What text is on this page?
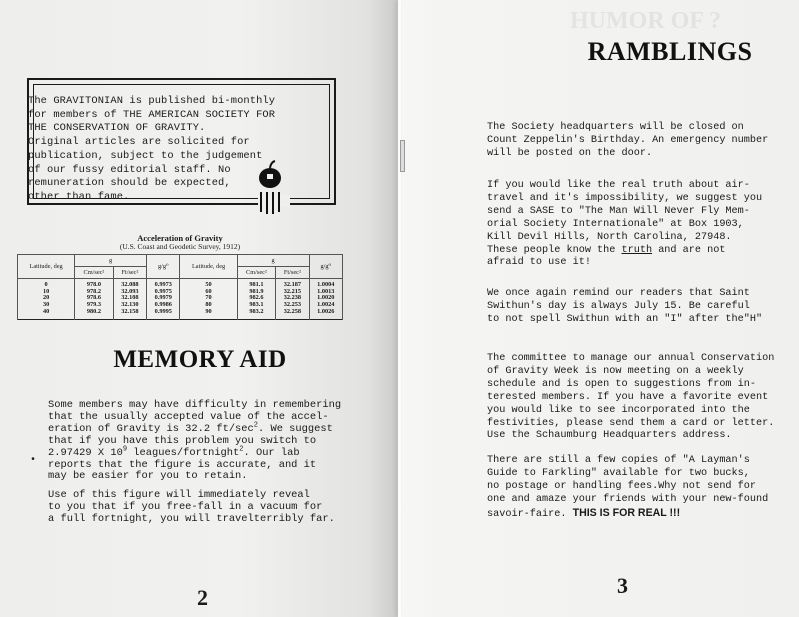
HUMOR OF ?
The GRAVITONIAN is published bi-monthly
for members of THE AMERICAN SOCIETY FOR
THE CONSERVATION OF GRAVITY.
Original articles are solicited for
publication, subject to the judgement
of our fussy editorial staff. No
remuneration should be expected,
other than fame.
Acceleration of Gravity
(U.S. Coast and Geodetic Survey, 1912)
Latitude, deg	g		g/g⁰	Latitude, deg	g		g/g⁰
	Cm/sec²	Ft/sec²			Cm/sec²	Ft/sec²	
0	978.0	32.088	0.9973	50	981.1	32.187	1.0004
10	978.2	32.093	0.9975	60	981.9	32.215	1.0013
20	978.6	32.108	0.9979	70	982.6	32.238	1.0020
30	979.3	32.130	0.9986	80	983.1	32.253	1.0024
40	980.2	32.158	0.9995	90	983.2	32.258	1.0026
MEMORY AID
Some members may have difficulty in remembering
that the usually accepted value of the accel-
eration of Gravity is 32.2 $ft/\sec^2$. We suggest
that if you have this problem you switch to
2.97429 X $10^9$ leagues/fortnight$^2$. Our lab
reports that the figure is accurate, and it
may be easier for you to retain.
•
Use of this figure will immediately reveal
to you that if you free-fall in a vacuum for
a full fortnight, you will travelterribly far.
2
RAMBLINGS
The Society headquarters will be closed on
Count Zeppelin's Birthday. An emergency number
will be posted on the door.
If you would like the real truth about air-
travel and it's impossibility, we suggest you
send a SASE to "The Man Will Never Fly Mem-
orial Society Internationale" at Box 1903,
Kill Devil Hills, North Carolina, 27948.
These people know the truth and are not
afraid to use it!
We once again remind our readers that Saint
Swithun's day is always July 15. Be careful
to not spell Swithun with an "I" after the"H"
The committee to manage our annual Conservation
of Gravity Week is now meeting on a weekly
schedule and is open to suggestions from in-
terested members. If you have a favorite event
you would like to see incorporated into the
festivities, please send them a card or letter.
Use the Schaumburg Headquarters address.
There are still a few copies of "A Layman's
Guide to Farkling" available for two bucks,
no postage or handling fees.Why not send for
one and amaze your friends with your new-found
savoir-faire. THIS IS FOR REAL !!!
3
